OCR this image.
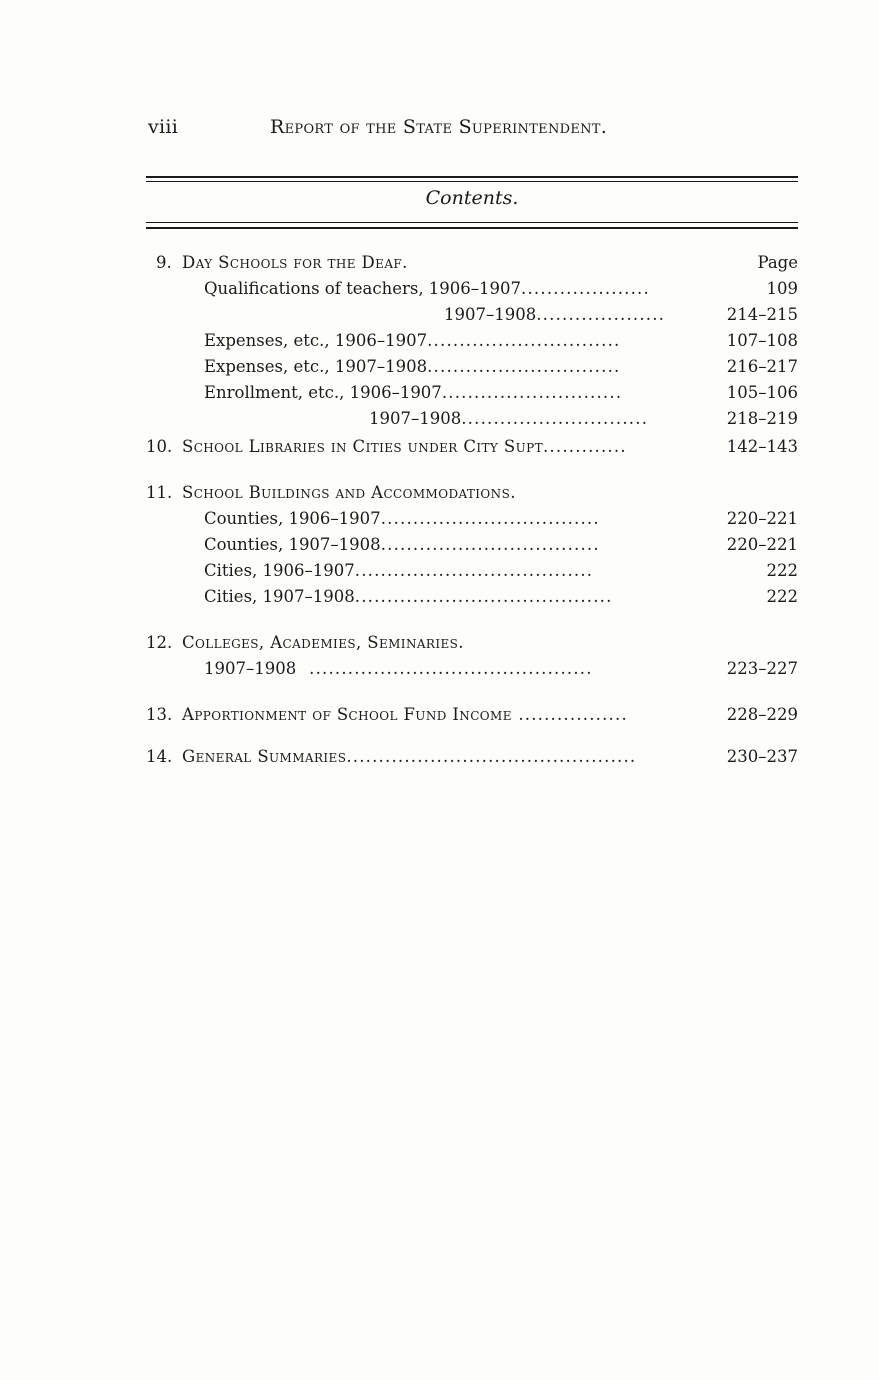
viii	Report of the State Superintendent.
Contents.
9. Day Schools for the Deaf.	Page
Qualifications of teachers, 1906–1907....................	109
1907–1908....................	214–215
Expenses, etc., 1906–1907..............................	107–108
Expenses, etc., 1907–1908..............................	216–217
Enrollment, etc., 1906–1907............................	105–106
1907–1908.............................	218–219
10. School Libraries in Cities under City Supt.............	142–143
11. School Buildings and Accommodations.
Counties, 1906–1907..................................	220–221
Counties, 1907–1908..................................	220–221
Cities, 1906–1907.....................................	222
Cities, 1907–1908........................................	222
12. Colleges, Academies, Seminaries.
1907–1908  ............................................	223–227
13. Apportionment of School Fund Income .................	228–229
14. General Summaries.............................................	230–237
